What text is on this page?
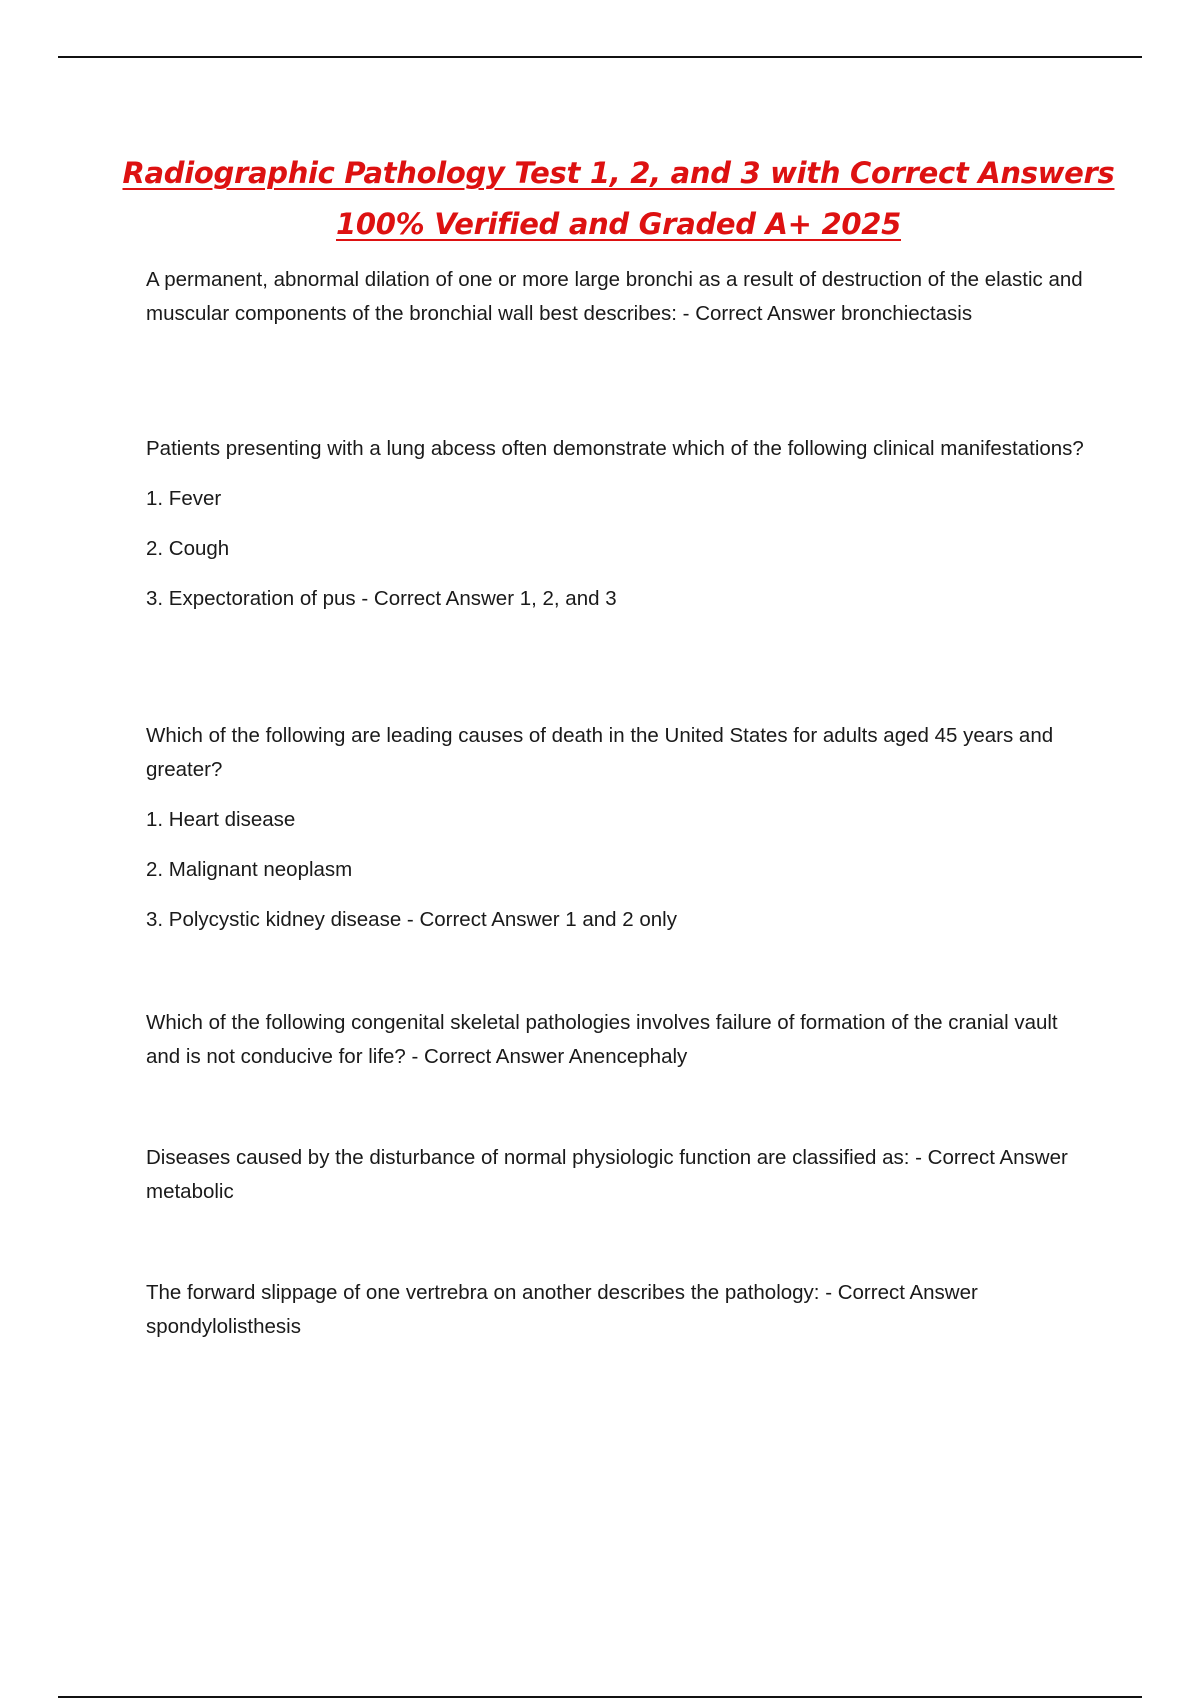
Radiographic Pathology Test 1, 2, and 3 with Correct Answers
100% Verified and Graded A+ 2025

A permanent, abnormal dilation of one or more large bronchi as a result of destruction of the elastic and muscular components of the bronchial wall best describes: - Correct Answer bronchiectasis

Patients presenting with a lung abcess often demonstrate which of the following clinical manifestations?

1. Fever

2. Cough

3. Expectoration of pus - Correct Answer 1, 2, and 3

Which of the following are leading causes of death in the United States for adults aged 45 years and greater?

1. Heart disease

2. Malignant neoplasm

3. Polycystic kidney disease - Correct Answer 1 and 2 only

Which of the following congenital skeletal pathologies involves failure of formation of the cranial vault and is not conducive for life? - Correct Answer Anencephaly

Diseases caused by the disturbance of normal physiologic function are classified as: - Correct Answer metabolic

The forward slippage of one vertrebra on another describes the pathology: - Correct Answer spondylolisthesis
